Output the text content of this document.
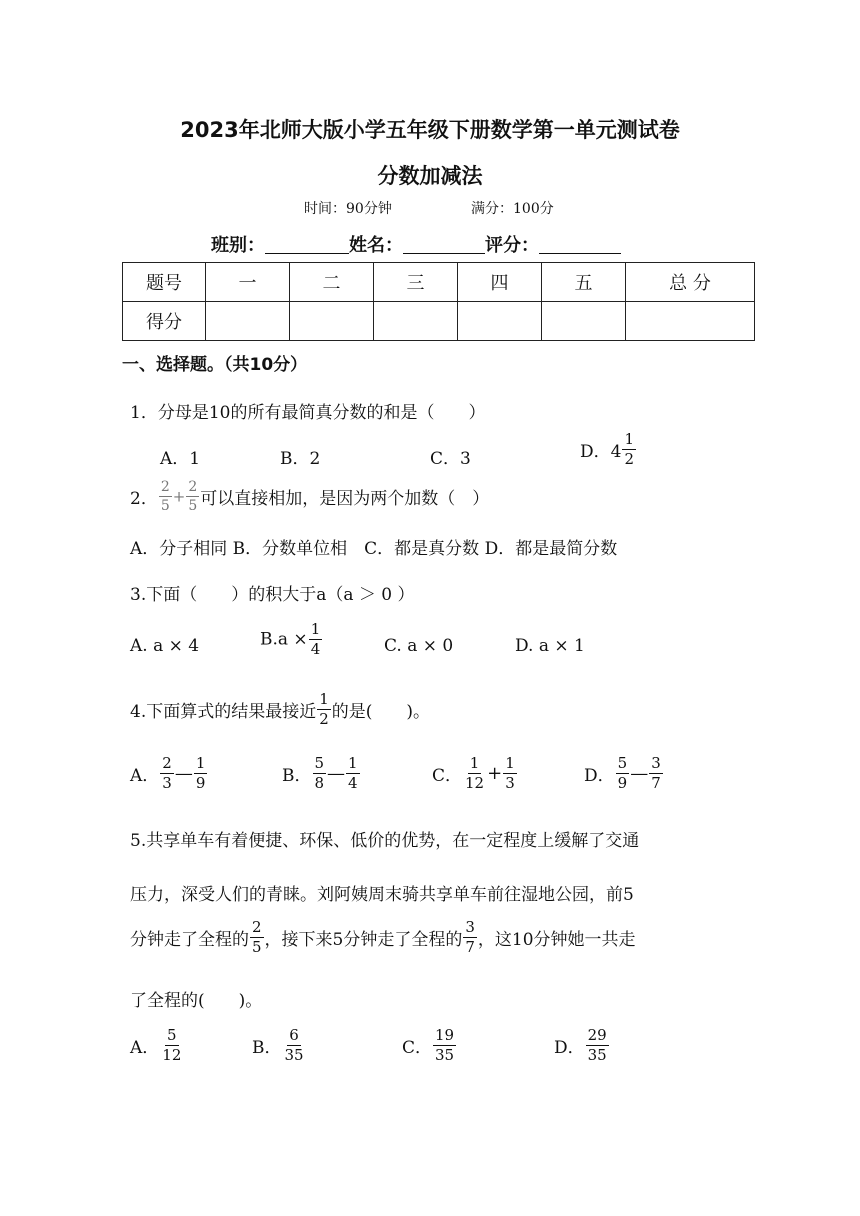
2023年北师大版小学五年级下册数学第一单元测试卷
分数加减法
时间：90分钟	满分：100分
班别：	姓名：	评分：
题号	一	二	三	四	五	总 分
得分						
一、选择题。（共10分）
1．分母是10的所有最简真分数的和是（　　）
A．1	B．2	C．3	D．$4 \frac{1}{2}$
2． $\frac{2}{5} + \frac{2}{5}$ 可以直接相加，是因为两个加数（　）
A．分子相同 B．分数单位相　C．都是真分数 D．都是最简分数
3.下面（　　）的积大于a（a ＞ 0 ）
A. a × 4	$B.a \times \frac{1}{4}$	C. a × 0	D. a × 1
4.下面算式的结果最接近 $\frac{1}{2}$ 的是(　　)。
A． $\frac{2}{3}$ — $\frac{1}{9}$	B． $\frac{5}{8}$ — $\frac{1}{4}$	C． $\frac{1}{12} + \frac{1}{3}$	D． $\frac{5}{9}$ — $\frac{3}{7}$
5.共享单车有着便捷、环保、低价的优势，在一定程度上缓解了交通
压力，深受人们的青睐。刘阿姨周末骑共享单车前往湿地公园，前5
分钟走了全程的 $\frac{2}{5}$ ，接下来5分钟走了全程的 $\frac{3}{7}$ ，这10分钟她一共走
了全程的(　　)。
A． $\frac{5}{12}$	B． $\frac{6}{35}$	C． $\frac{19}{35}$	D． $\frac{29}{35}$
